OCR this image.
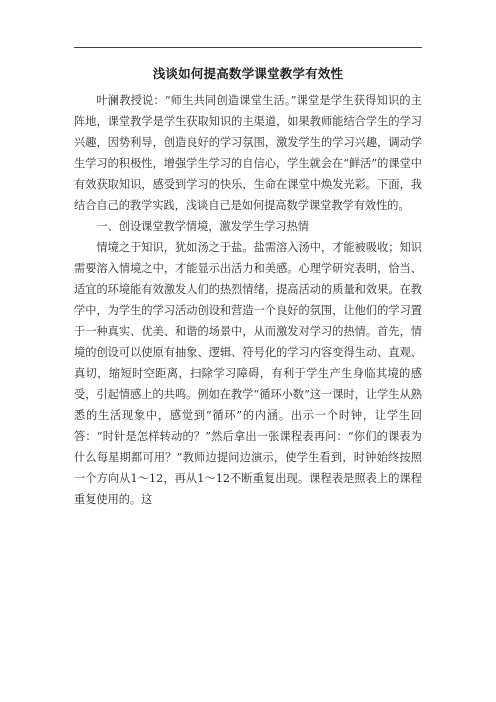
浅谈如何提高数学课堂教学有效性

叶澜教授说：“师生共同创造课堂生活。”课堂是学生获得知识的主阵地，课堂教学是学生获取知识的主渠道，如果教师能结合学生的学习兴趣，因势利导，创造良好的学习氛围，激发学生的学习兴趣，调动学生学习的积极性，增强学生学习的自信心，学生就会在“鲜活”的课堂中有效获取知识，感受到学习的快乐，生命在课堂中焕发光彩。下面，我结合自己的教学实践，浅谈自己是如何提高数学课堂教学有效性的。

一、创设课堂教学情境，激发学生学习热情

情境之于知识，犹如汤之于盐。盐需溶入汤中，才能被吸收；知识需要溶入情境之中，才能显示出活力和美感。心理学研究表明，恰当、适宜的环境能有效激发人们的热烈情绪，提高活动的质量和效果。在教学中，为学生的学习活动创设和营造一个良好的氛围，让他们的学习置于一种真实、优美、和谐的场景中，从而激发对学习的热情。首先，情境的创设可以使原有抽象、逻辑、符号化的学习内容变得生动、直观、真切，缩短时空距离，扫除学习障碍，有利于学生产生身临其境的感受，引起情感上的共鸣。例如在教学“循环小数”这一课时，让学生从熟悉的生活现象中，感觉到“循环”的内涵。出示一个时钟，让学生回答：“时针是怎样转动的？”然后拿出一张课程表再问：“你们的课表为什么每星期都可用？”教师边提问边演示，使学生看到，时钟始终按照一个方向从1～12，再从1～12不断重复出现。课程表是照表上的课程重复使用的。这
